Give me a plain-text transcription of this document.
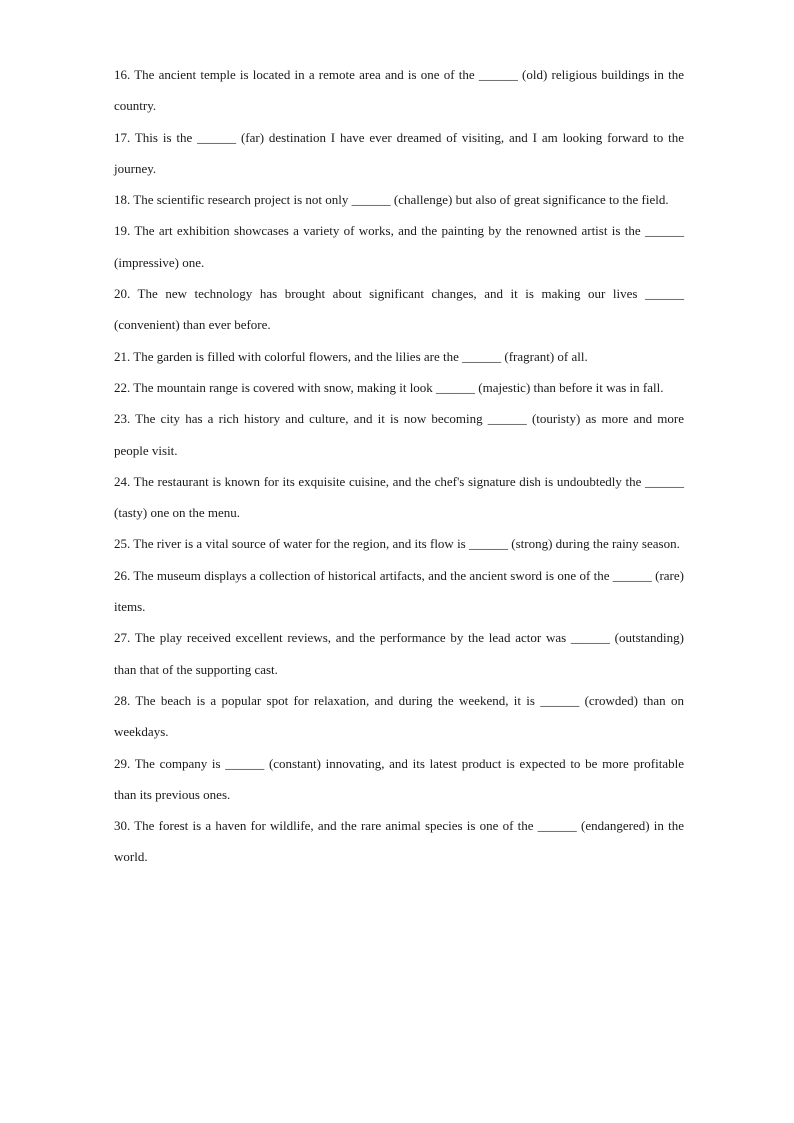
16. The ancient temple is located in a remote area and is one of the ______ (old) religious buildings in the country.

17. This is the ______ (far) destination I have ever dreamed of visiting, and I am looking forward to the journey.

18. The scientific research project is not only ______ (challenge) but also of great significance to the field.

19. The art exhibition showcases a variety of works, and the painting by the renowned artist is the ______ (impressive) one.

20. The new technology has brought about significant changes, and it is making our lives ______ (convenient) than ever before.

21. The garden is filled with colorful flowers, and the lilies are the ______ (fragrant) of all.

22. The mountain range is covered with snow, making it look ______ (majestic) than before it was in fall.

23. The city has a rich history and culture, and it is now becoming ______ (touristy) as more and more people visit.

24. The restaurant is known for its exquisite cuisine, and the chef's signature dish is undoubtedly the ______ (tasty) one on the menu.

25. The river is a vital source of water for the region, and its flow is ______ (strong) during the rainy season.

26. The museum displays a collection of historical artifacts, and the ancient sword is one of the ______ (rare) items.

27. The play received excellent reviews, and the performance by the lead actor was ______ (outstanding) than that of the supporting cast.

28. The beach is a popular spot for relaxation, and during the weekend, it is ______ (crowded) than on weekdays.

29. The company is ______ (constant) innovating, and its latest product is expected to be more profitable than its previous ones.

30. The forest is a haven for wildlife, and the rare animal species is one of the ______ (endangered) in the world.
